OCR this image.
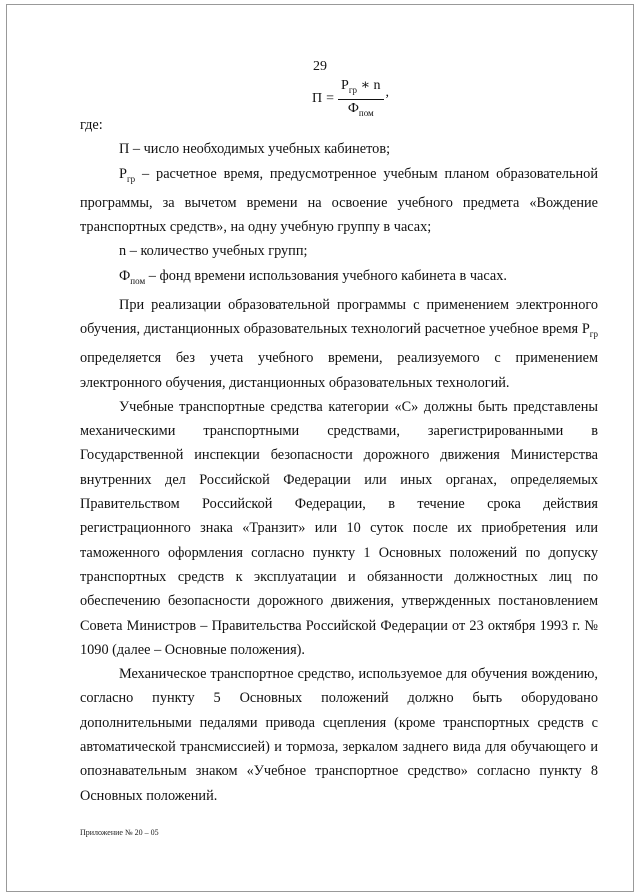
29
$П = \frac{Р_{гр} ∗ n}{Ф_{пом}}$ ,

где:

П – число необходимых учебных кабинетов;

$Р_{гр}$ – расчетное время, предусмотренное учебным планом образовательной программы, за вычетом времени на освоение учебного предмета «Вождение транспортных средств», на одну учебную группу в часах;

n – количество учебных групп;

$Ф_{пом}$ – фонд времени использования учебного кабинета в часах.

При реализации образовательной программы с применением электронного обучения, дистанционных образовательных технологий расчетное учебное время $Р_{гр}$ определяется без учета учебного времени, реализуемого с применением электронного обучения, дистанционных образовательных технологий.

Учебные транспортные средства категории «С» должны быть представлены механическими транспортными средствами, зарегистрированными в Государственной инспекции безопасности дорожного движения Министерства внутренних дел Российской Федерации или иных органах, определяемых Правительством Российской Федерации, в течение срока действия регистрационного знака «Транзит» или 10 суток после их приобретения или таможенного оформления согласно пункту 1 Основных положений по допуску транспортных средств к эксплуатации и обязанности должностных лиц по обеспечению безопасности дорожного движения, утвержденных постановлением Совета Министров – Правительства Российской Федерации от 23 октября 1993 г. № 1090 (далее – Основные положения).

Механическое транспортное средство, используемое для обучения вождению, согласно пункту 5 Основных положений должно быть оборудовано дополнительными педалями привода сцепления (кроме транспортных средств с автоматической трансмиссией) и тормоза, зеркалом заднего вида для обучающего и опознавательным знаком «Учебное транспортное средство» согласно пункту 8 Основных положений.

Приложение № 20 – 05
